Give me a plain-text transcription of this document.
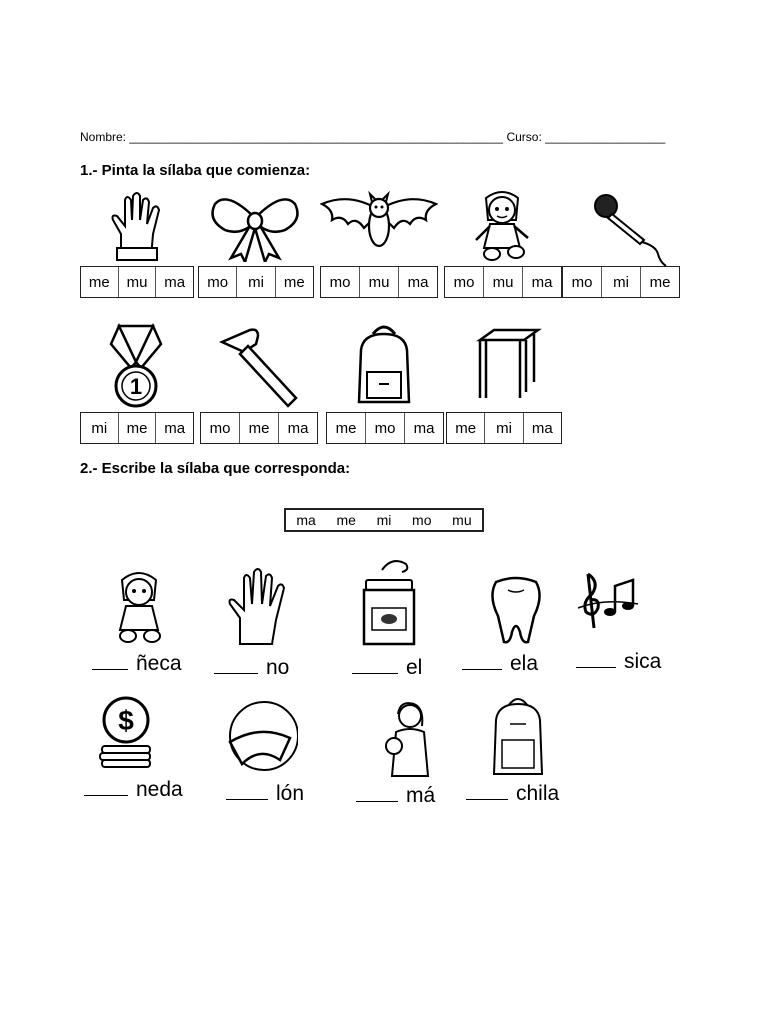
Nombre: ________________________________________________________ Curso: __________________
1.- Pinta la sílaba que comienza:
me	mu	ma	mo	mi	me	mo	mu	ma	mo	mu	ma	mo	mi	me
1
mi	me	ma	mo	me	ma	me	mo	ma	me	mi	ma
2.- Escribe la sílaba que corresponda:
ma me mi mo mu
ñeca	no	el	ela	sica
$
neda	lón	má	chila
